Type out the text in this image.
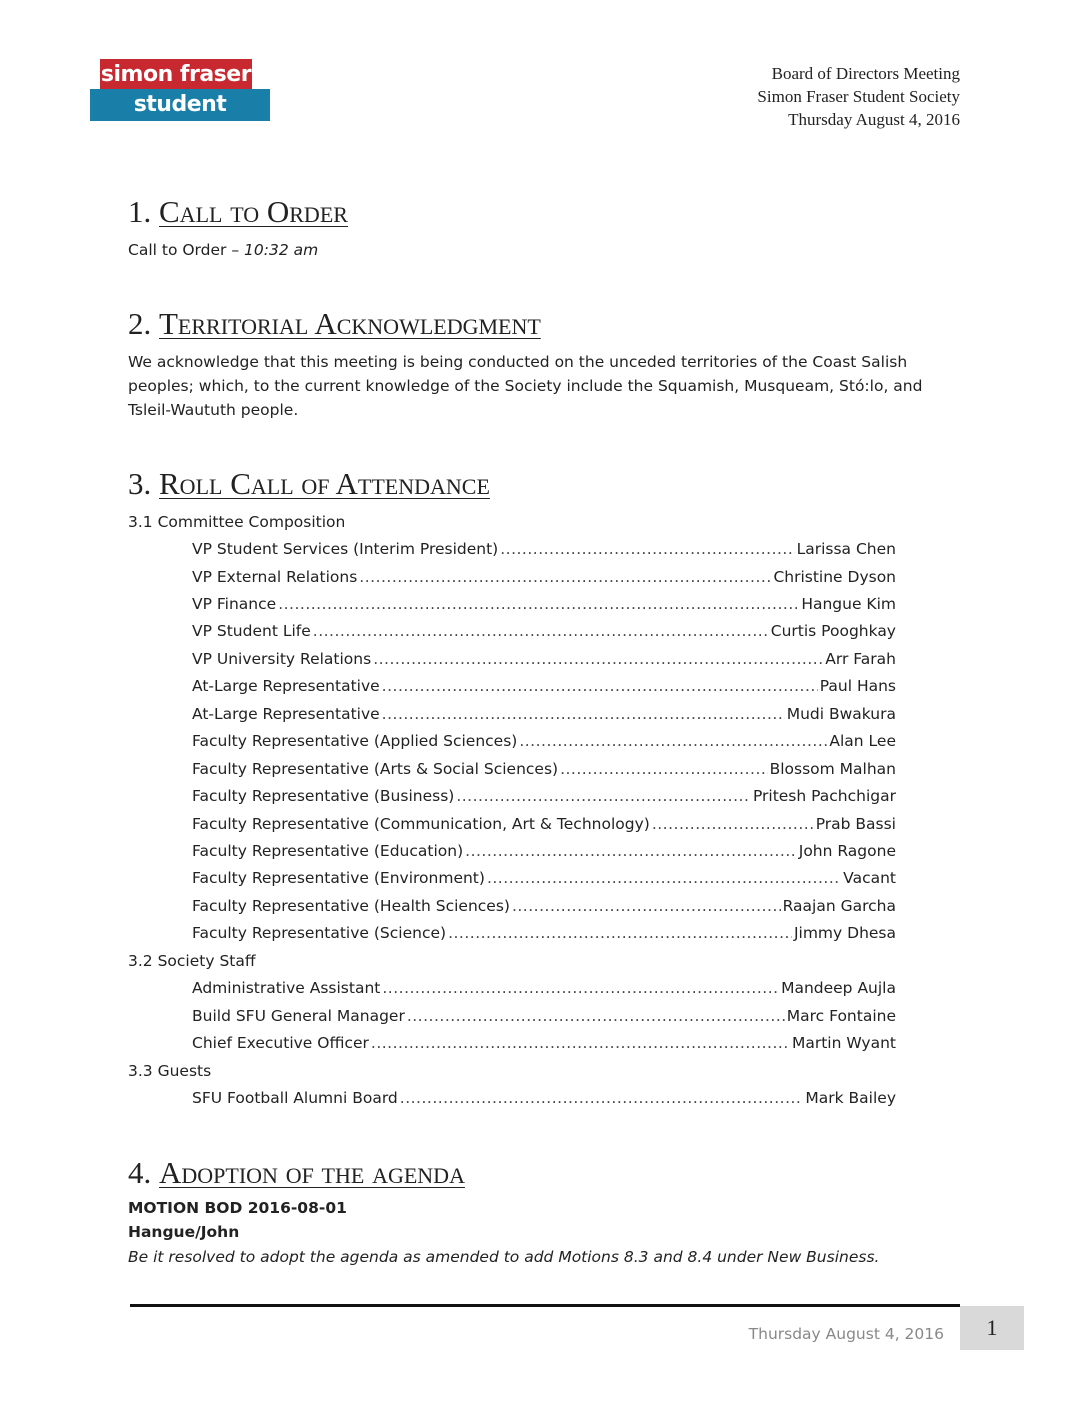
simon fraser
student society
Board of Directors Meeting
Simon Fraser Student Society
Thursday August 4, 2016
1. Call to Order
Call to Order – 10:32 am
2. Territorial Acknowledgment
We acknowledge that this meeting is being conducted on the unceded territories of the Coast Salish peoples; which, to the current knowledge of the Society include the Squamish, Musqueam, Stó:lo, and Tsleil-Waututh people.
3. Roll Call of Attendance
3.1 Committee Composition
VP Student Services (Interim President) .....	Larissa Chen
VP External Relations .....	Christine Dyson
VP Finance .....	Hangue Kim
VP Student Life .....	Curtis Pooghkay
VP University Relations .....	Arr Farah
At-Large Representative .....	Paul Hans
At-Large Representative .....	Mudi Bwakura
Faculty Representative (Applied Sciences) .....	Alan Lee
Faculty Representative (Arts & Social Sciences) .....	Blossom Malhan
Faculty Representative (Business) .....	Pritesh Pachchigar
Faculty Representative (Communication, Art & Technology) .....	Prab Bassi
Faculty Representative (Education) .....	John Ragone
Faculty Representative (Environment) .....	Vacant
Faculty Representative (Health Sciences) .....	Raajan Garcha
Faculty Representative (Science) .....	Jimmy Dhesa
3.2 Society Staff
Administrative Assistant .....	Mandeep Aujla
Build SFU General Manager .....	Marc Fontaine
Chief Executive Officer .....	Martin Wyant
3.3 Guests
SFU Football Alumni Board .....	Mark Bailey
4. Adoption of the agenda
MOTION BOD 2016-08-01
Hangue/John
Be it resolved to adopt the agenda as amended to add Motions 8.3 and 8.4 under New Business.
Thursday August 4, 2016	1
